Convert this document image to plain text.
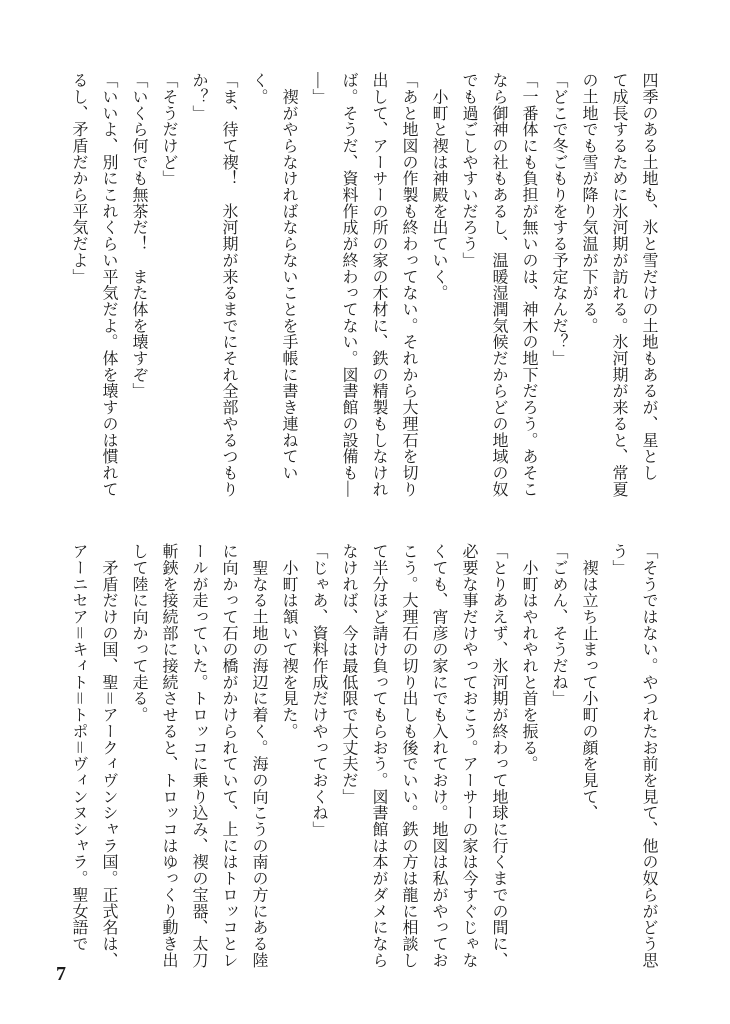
四季のある土地も、氷と雪だけの土地もあるが、星とし
て成長するために氷河期が訪れる。氷河期が来ると、常夏
の土地でも雪が降り気温が下がる。
「どこで冬ごもりをする予定なんだ？」
「一番体にも負担が無いのは、神木の地下だろう。あそこ
なら御神の社もあるし、温暖湿潤気候だからどの地域の奴
でも過ごしやすいだろう」
　小町と禊は神殿を出ていく。
「あと地図の作製も終わってない。それから大理石を切り
出して、アーサーの所の家の木材に、鉄の精製もしなけれ
ば。そうだ、資料作成が終わってない。図書館の設備も―
―」
　禊がやらなければならないことを手帳に書き連ねてい
く。
「ま、待て禊！　氷河期が来るまでにそれ全部やるつもり
か？」
「そうだけど」
「いくら何でも無茶だ！　また体を壊すぞ」
「いいよ、別にこれくらい平気だよ。体を壊すのは慣れて
るし、矛盾だから平気だよ」
「そうではない。やつれたお前を見て、他の奴らがどう思
う」
　禊は立ち止まって小町の顔を見て、
「ごめん、そうだね」
　小町はやれやれと首を振る。
「とりあえず、氷河期が終わって地球に行くまでの間に、
必要な事だけやっておこう。アーサーの家は今すぐじゃな
くても、宵彦の家にでも入れておけ。地図は私がやってお
こう。大理石の切り出しも後でいい。鉄の方は龍に相談し
て半分ほど請け負ってもらおう。図書館は本がダメになら
なければ、今は最低限で大丈夫だ」
「じゃあ、資料作成だけやっておくね」
　小町は頷いて禊を見た。
　聖なる土地の海辺に着く。海の向こうの南の方にある陸
に向かって石の橋がかけられていて、上にはトロッコとレ
ールが走っていた。トロッコに乗り込み、禊の宝器、太刀
斬鋏を接続部に接続させると、トロッコはゆっくり動き出
して陸に向かって走る。
　矛盾だけの国、聖＝アークィヴンシャラ国。正式名は、
アーニセア＝キィト＝トポ＝ヴィンヌシャラ。聖女語で
7
